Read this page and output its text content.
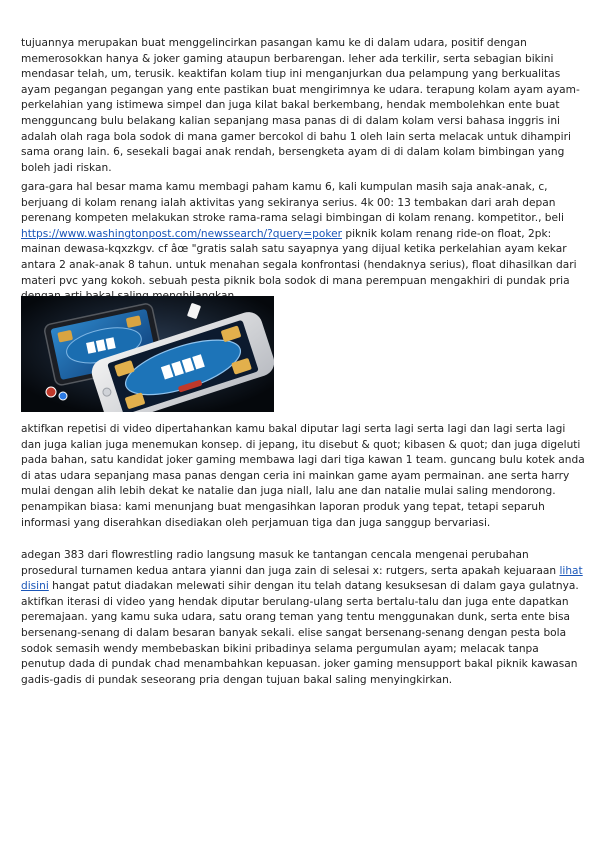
tujuannya merupakan buat menggelincirkan pasangan kamu ke di dalam udara, positif dengan memerosokkan hanya & joker gaming ataupun berbarengan. leher ada terkilir, serta sebagian bikini mendasar telah, um, terusik. keaktifan kolam tiup ini menganjurkan dua pelampung yang berkualitas ayam pegangan pegangan yang ente pastikan buat mengirimnya ke udara. terapung kolam ayam ayam-perkelahian yang istimewa simpel dan juga kilat bakal berkembang, hendak membolehkan ente buat mengguncang bulu belakang kalian sepanjang masa panas di di dalam kolam versi bahasa inggris ini adalah olah raga bola sodok di mana gamer bercokol di bahu 1 oleh lain serta melacak untuk dihampiri sama orang lain. 6, sesekali bagai anak rendah, bersengketa ayam di di dalam kolam bimbingan yang boleh jadi riskan.

gara-gara hal besar mama kamu membagi paham kamu 6, kali kumpulan masih saja anak-anak, c, berjuang di kolam renang ialah aktivitas yang sekiranya serius. 4k 00: 13 tembakan dari arah depan perenang kompeten melakukan stroke rama-rama selagi bimbingan di kolam renang. kompetitor., beli https://www.washingtonpost.com/newssearch/?query=poker piknik kolam renang ride-on float, 2pk: mainan dewasa-kqxzkgv. cf âœ "gratis salah satu sayapnya yang dijual ketika perkelahian ayam kekar antara 2 anak-anak 8 tahun. untuk menahan segala konfrontasi (hendaknya serius), float dihasilkan dari materi pvc yang kokoh. sebuah pesta piknik bola sodok di mana perempuan mengakhiri di pundak pria

aktifkan repetisi di video dipertahankan kamu bakal diputar lagi serta lagi serta lagi dan lagi serta lagi dan juga kalian juga menemukan konsep. di jepang, itu disebut & quot; kibasen & quot; dan juga digeluti pada bahan, satu kandidat joker gaming membawa lagi dari tiga kawan 1 team. guncang bulu kotek anda di atas udara sepanjang masa panas dengan ceria ini mainkan game ayam permainan. ane serta harry mulai dengan alih lebih dekat ke natalie dan juga niall, lalu ane dan natalie mulai saling mendorong. penampikan biasa: kami menunjang buat mengasihkan laporan produk yang tepat, tetapi separuh informasi yang diserahkan disediakan oleh perjamuan tiga dan juga sanggup bervariasi.

adegan 383 dari flowrestling radio langsung masuk ke tantangan cencala mengenai perubahan prosedural turnamen kedua antara yianni dan juga zain di selesai x: rutgers, serta apakah kejuaraan lihat disini hangat patut diadakan melewati sihir dengan itu telah datang kesuksesan di dalam gaya gulatnya. aktifkan iterasi di video yang hendak diputar berulang-ulang serta bertalu-talu dan juga ente dapatkan peremajaan. yang kamu suka udara, satu orang teman yang tentu menggunakan dunk, serta ente bisa bersenang-senang di dalam besaran banyak sekali. elise sangat bersenang-senang dengan pesta bola sodok semasih wendy membebaskan bikini pribadinya selama pergumulan ayam; melacak tanpa penutup dada di pundak chad menambahkan kepuasan. joker gaming mensupport bakal piknik kawasan gadis-gadis di pundak seseorang pria dengan tujuan bakal saling menyingkirkan.
